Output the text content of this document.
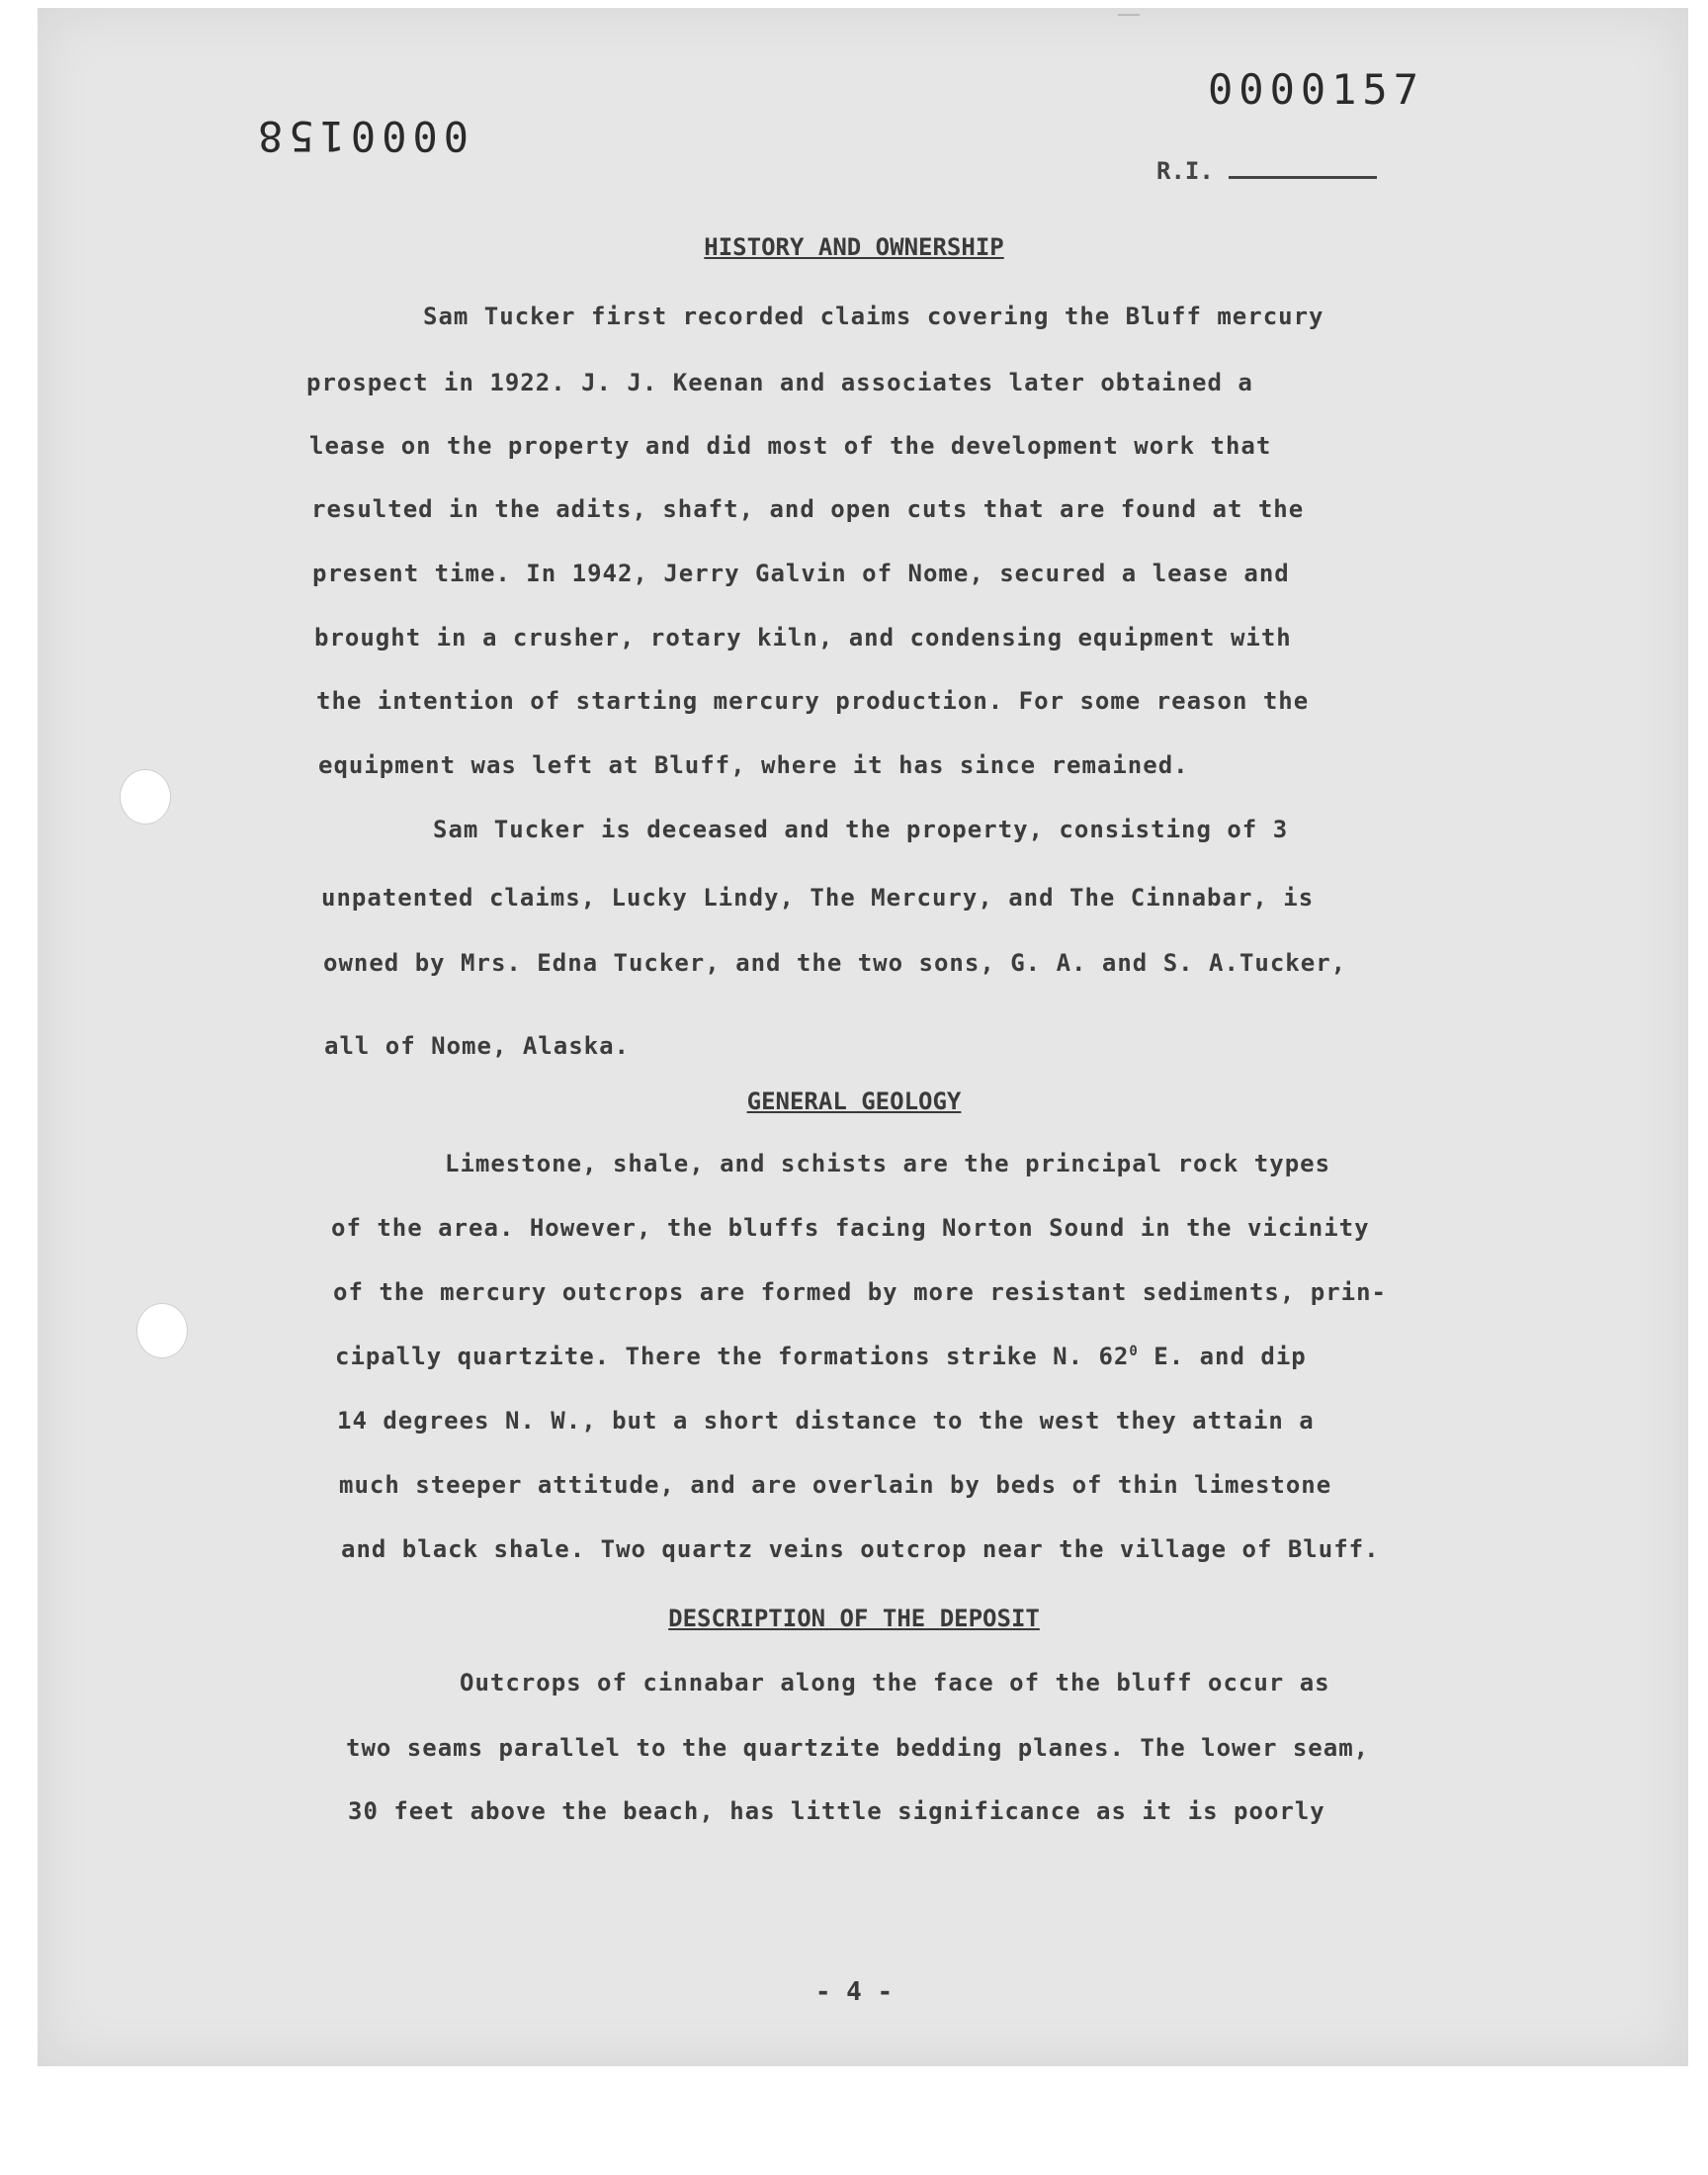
0000158
0000157
R.I.
HISTORY AND OWNERSHIP
Sam Tucker first recorded claims covering the Bluff mercury
prospect in 1922. J. J. Keenan and associates later obtained a
lease on the property and did most of the development work that
resulted in the adits, shaft, and open cuts that are found at the
present time. In 1942, Jerry Galvin of Nome, secured a lease and
brought in a crusher, rotary kiln, and condensing equipment with
the intention of starting mercury production. For some reason the
equipment was left at Bluff, where it has since remained.
Sam Tucker is deceased and the property, consisting of 3
unpatented claims, Lucky Lindy, The Mercury, and The Cinnabar, is
owned by Mrs. Edna Tucker, and the two sons, G. A. and S. A.Tucker,
all of Nome, Alaska.
GENERAL GEOLOGY
Limestone, shale, and schists are the principal rock types
of the area. However, the bluffs facing Norton Sound in the vicinity
of the mercury outcrops are formed by more resistant sediments, prin-
cipally quartzite. There the formations strike N. $62^0$ E. and dip
14 degrees N. W., but a short distance to the west they attain a
much steeper attitude, and are overlain by beds of thin limestone
and black shale. Two quartz veins outcrop near the village of Bluff.
DESCRIPTION OF THE DEPOSIT
Outcrops of cinnabar along the face of the bluff occur as
two seams parallel to the quartzite bedding planes. The lower seam,
30 feet above the beach, has little significance as it is poorly
- 4 -
